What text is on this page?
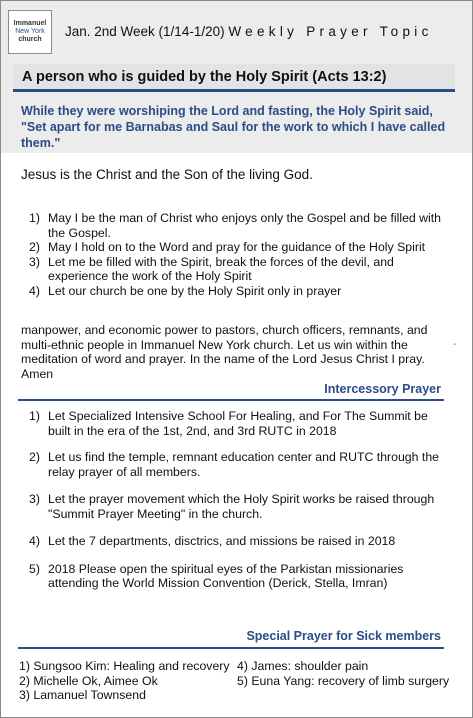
Immanuel
New York
church
Jan. 2nd Week (1/14-1/20) Weekly Prayer Topic
A person who is guided by the Holy Spirit (Acts 13:2)
While they were worshiping the Lord and fasting, the Holy Spirit said, "Set apart for me Barnabas and Saul for the work to which I have called them."
Jesus is the Christ and the Son of the living God.
1) May I be the man of Christ who enjoys only the Gospel and be filled with the Gospel.
2) May I hold on to the Word and pray for the guidance of the Holy Spirit
3) Let me be filled with the Spirit, break the forces of the devil, and experience the work of the Holy Spirit
4) Let our church be one by the Holy Spirit only in prayer
manpower, and economic power to pastors, church officers, remnants, and multi-ethnic people in Immanuel New York church. Let us win within the meditation of word and prayer. In the name of the Lord Jesus Christ I pray. Amen
-
Intercessory Prayer
1) Let Specialized Intensive School For Healing, and For The Summit be built in the era of the 1st, 2nd, and 3rd RUTC in 2018
2) Let us find the temple, remnant education center and RUTC through the relay prayer of all members.
3) Let the prayer movement which the Holy Spirit works be raised through "Summit Prayer Meeting" in the church.
4) Let the 7 departments, disctrics, and missions be raised in 2018
5) 2018 Please open the spiritual eyes of the Parkistan missionaries attending the World Mission Convention (Derick, Stella, Imran)
Special Prayer for Sick members
1) Sungsoo Kim: Healing and recovery
2) Michelle Ok, Aimee Ok
3) Lamanuel Townsend
4) James: shoulder pain
5) Euna Yang: recovery of limb surgery
